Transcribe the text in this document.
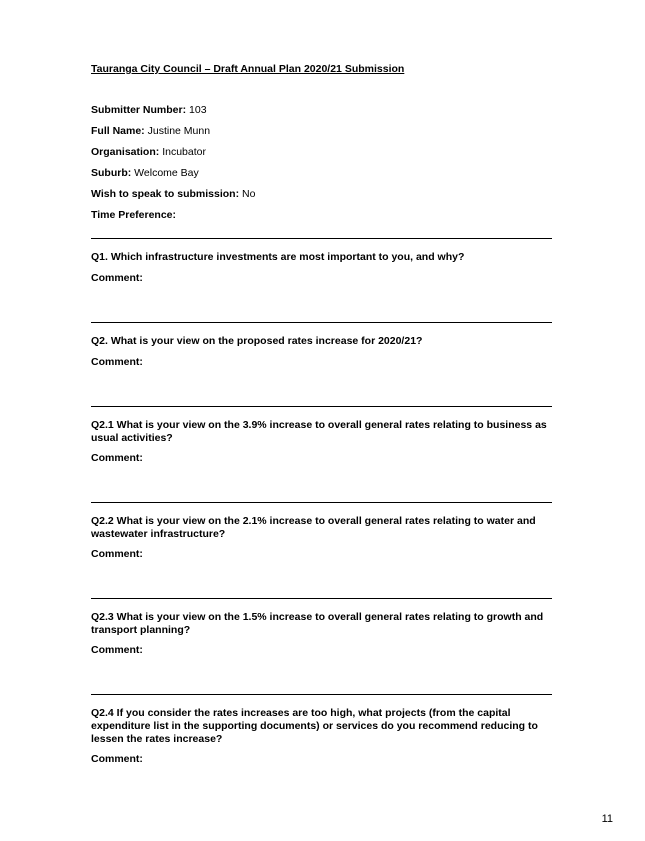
Tauranga City Council – Draft Annual Plan 2020/21 Submission
Submitter Number: 103
Full Name: Justine Munn
Organisation: Incubator
Suburb: Welcome Bay
Wish to speak to submission: No
Time Preference:
Q1. Which infrastructure investments are most important to you, and why?
Comment:
Q2. What is your view on the proposed rates increase for 2020/21?
Comment:
Q2.1 What is your view on the 3.9% increase to overall general rates relating to business as usual activities?
Comment:
Q2.2 What is your view on the 2.1% increase to overall general rates relating to water and wastewater infrastructure?
Comment:
Q2.3 What is your view on the 1.5% increase to overall general rates relating to growth and transport planning?
Comment:
Q2.4 If you consider the rates increases are too high, what projects (from the capital expenditure list in the supporting documents) or services do you recommend reducing to lessen the rates increase?
Comment:
11
